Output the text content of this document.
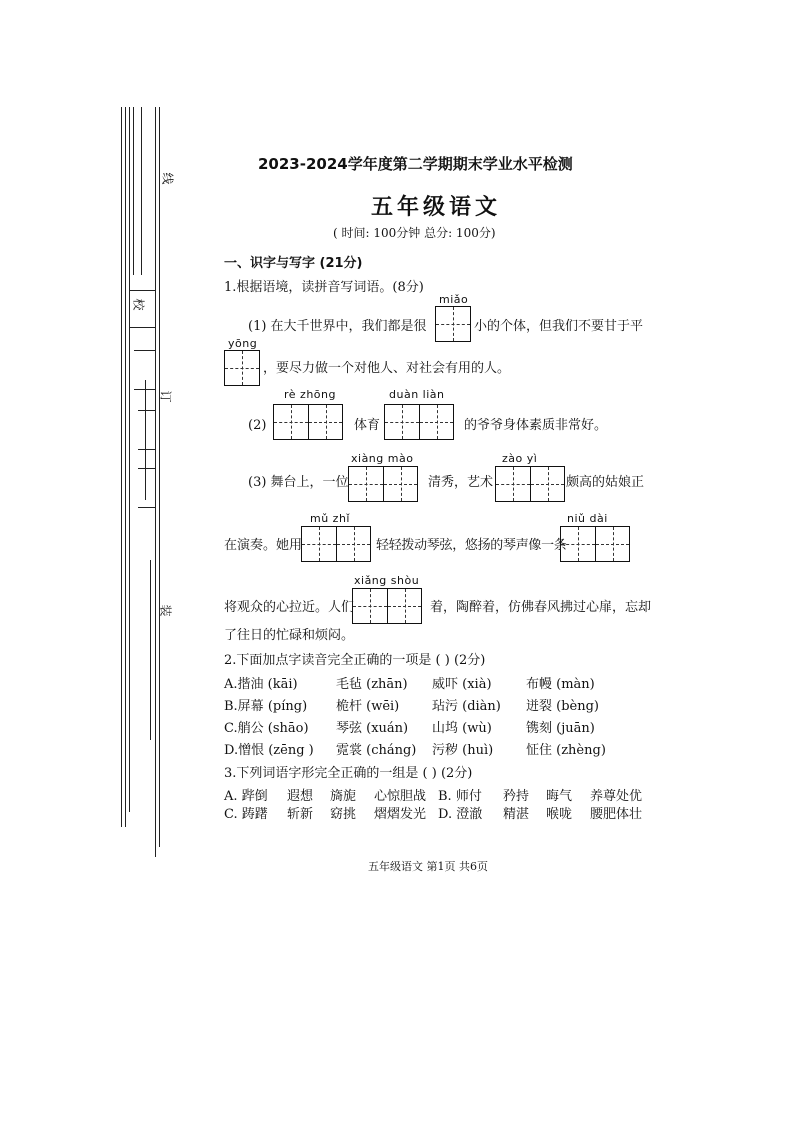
线
校
订
装
2023-2024学年度第二学期期末学业水平检测
五年级语文
( 时间: 100分钟 总分: 100分)
一、识字与写字 (21分)
1.根据语境，读拼音写词语。(8分)
miǎo
(1) 在大千世界中，我们都是很	小的个体，但我们不要甘于平
yōng
，要尽力做一个对他人、对社会有用的人。
rè zhōng
(2)	体育
duàn liàn
的爷爷身体素质非常好。
(3) 舞台上，一位
xiàng mào
清秀，艺术
zào yì
颇高的姑娘正
在演奏。她用
mǔ zhǐ
轻轻拨动琴弦，悠扬的琴声像一条
niǔ dài
将观众的心拉近。人们
xiǎng shòu
着，陶醉着，仿佛春风拂过心扉，忘却
了往日的忙碌和烦闷。
2.下面加点字读音完全正确的一项是 ( ) (2分)
A.揩油 (kāi)	毛毡 (zhān) 威吓 (xià)	布幔 (màn)
B.屏幕 (píng) 桅杆 (wēi)	玷污 (diàn) 迸裂 (bèng)
C.艄公 (shāo) 琴弦 (xuán) 山坞 (wù)	镌刻 (juān)
D.憎恨 (zēng ) 霓裳 (cháng) 污秽 (huì)	怔住 (zhèng)
3.下列词语字形完全正确的一组是 ( ) (2分)
A. 跸倒 遐想 旖旎 心惊胆战 B. 师付 矜持 晦气 养尊处优
C. 踌躇 斩新 窈挑 熠熠发光 D. 澄澈 精湛 喉咙 腰肥体壮
五年级语文 第1页 共6页
